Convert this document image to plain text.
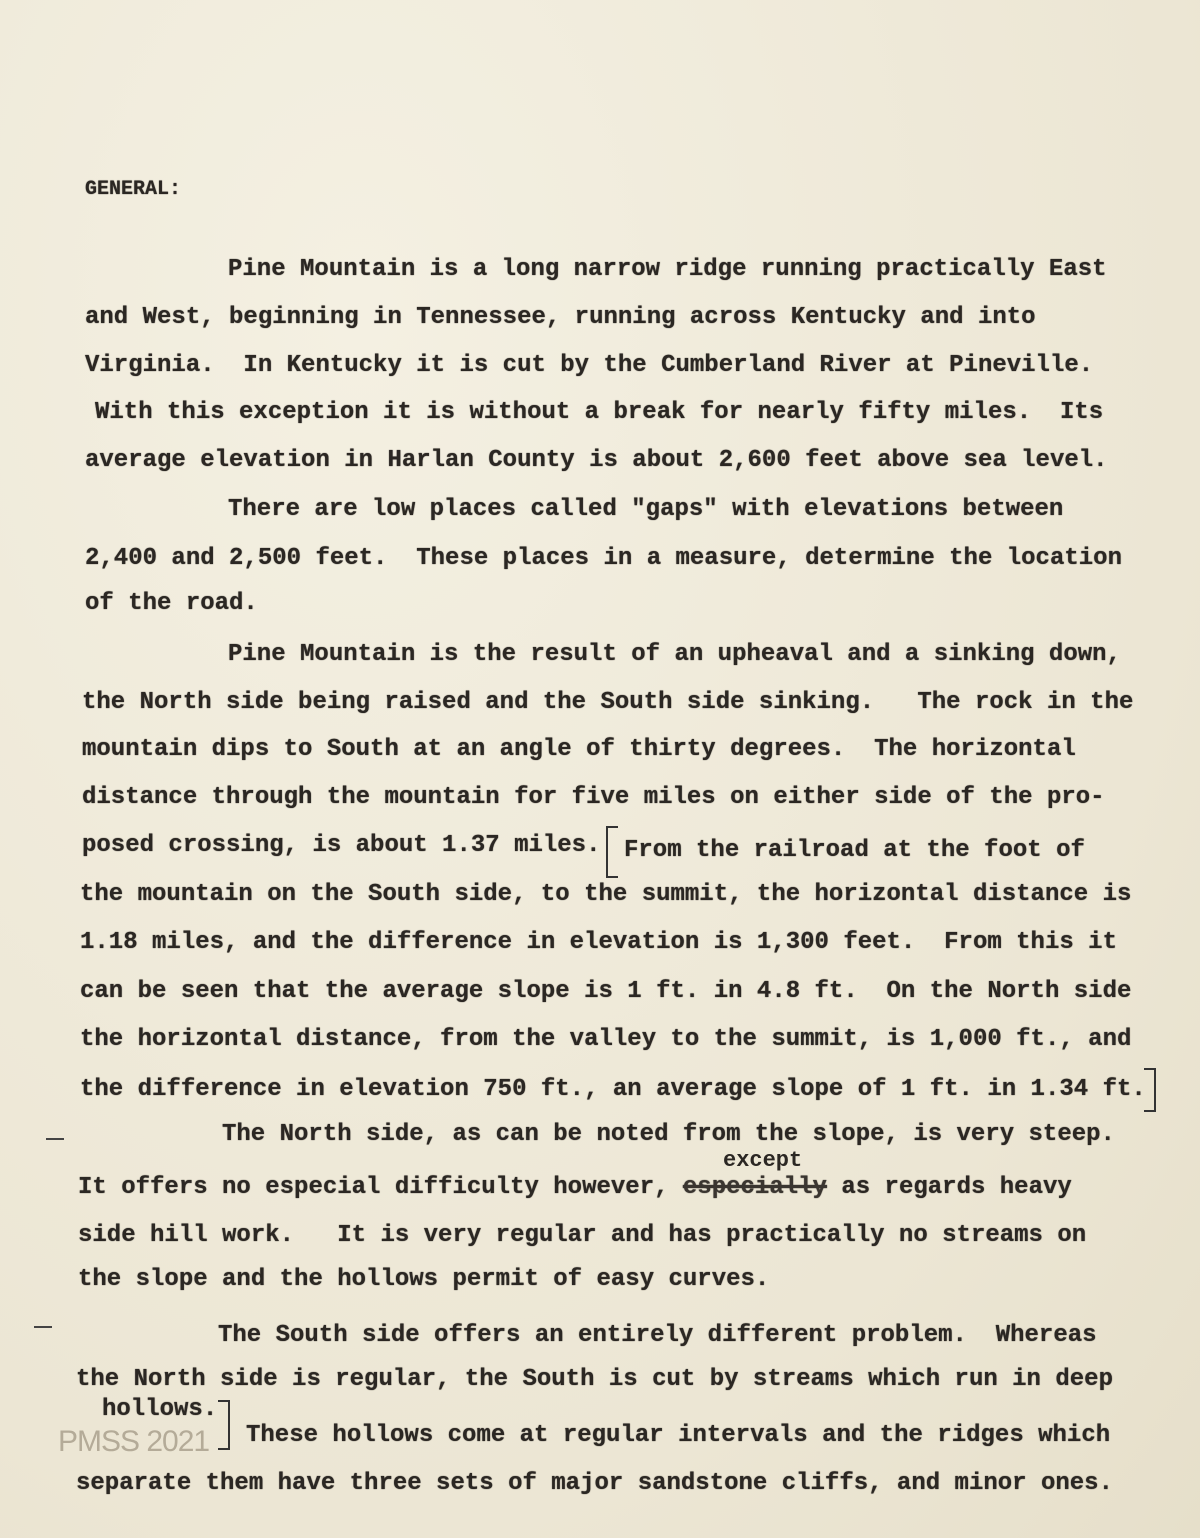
GENERAL:
Pine Mountain is a long narrow ridge running practically East
and West, beginning in Tennessee, running across Kentucky and into
Virginia.  In Kentucky it is cut by the Cumberland River at Pineville.
With this exception it is without a break for nearly fifty miles.  Its
average elevation in Harlan County is about 2,600 feet above sea level.
There are low places called "gaps" with elevations between
2,400 and 2,500 feet.  These places in a measure, determine the location
of the road.
Pine Mountain is the result of an upheaval and a sinking down,
the North side being raised and the South side sinking.   The rock in the
mountain dips to South at an angle of thirty degrees.  The horizontal
distance through the mountain for five miles on either side of the pro-
posed crossing, is about 1.37 miles. From the railroad at the foot of
the mountain on the South side, to the summit, the horizontal distance is
1.18 miles, and the difference in elevation is 1,300 feet.  From this it
can be seen that the average slope is 1 ft. in 4.8 ft.  On the North side
the horizontal distance, from the valley to the summit, is 1,000 ft., and
the difference in elevation 750 ft., an average slope of 1 ft. in 1.34 ft.
The North side, as can be noted from the slope, is very steep.
except
It offers no especial difficulty however, especially as regards heavy
side hill work.   It is very regular and has practically no streams on
the slope and the hollows permit of easy curves.
The South side offers an entirely different problem.  Whereas
the North side is regular, the South is cut by streams which run in deep
hollows.
These hollows come at regular intervals and the ridges which
separate them have three sets of major sandstone cliffs, and minor ones.
PMSS 2021
